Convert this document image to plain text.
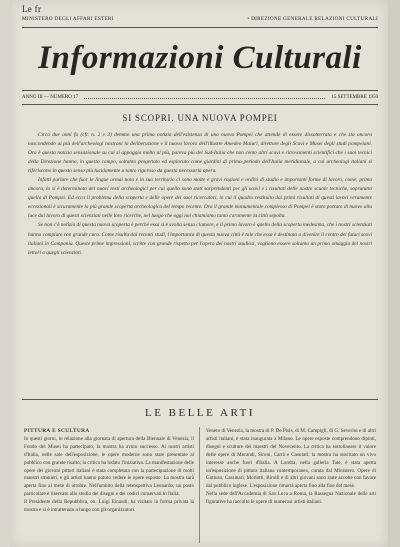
Le fr
MINISTERO DEGLI AFFARI ESTERI	• DIREZIONE GENERALE RELAZIONI CULTURALI
Informazioni Culturali
ANNO III — NUMERO 17	15 SETTEMBRE 1950
SI SCOPRI. UNA NUOVA POMPEI

Circa due anni fa (cfr. n. 2 e 3) demmo una prima notizia dell'esistenza di una nuova Pompei che attende di essere dissotterrata e che sta ancora nascondendo ai più dell'archeologi nostrani la deliberazione e il nuovo lavoro dell'illustre Amedeo Maiuri, direttore degli Scavi e Musei degli studi pompeiani. Ora è questa notizia sensazionale su cui si appoggia molto al più, pareva più del Sud-Italia che non cento altri scavi e ritrovamenti scientifici che i suoi tecnici della Direzione hanno, in questo campo, soltanto progettato ed esplorato come giardini di primo periodo dell'Italia meridionale, a cui archeologi italiani si riferiscono in questo senso più lucidamente a tanto rigoroso da questa necessaria opera.

Infatti parlare che fuor le lingue ormai nota e in suo territorio ci sono molte e gravi ragioni e ordini di studio e importanti forme di lavoro, come, prima ancora, lo si è determinato dei nuovi resti archeologici per cui quello sono stati sorprendenti per gli scavi e i risultati delle nostre scuole tecniche, sopratutto quella di Pompei. Ed ecco il problema della scoperta e delle opere dei suoi ricercatori, in cui il quadro restituito dai primi risultati di questi lavori veramente eccezionali è sicuramente la più grande scoperta archeologica del tempo recente. Ora il grande monumentale complesso di Pompei è stato portato di nuovo alla luce dal lavoro di questi scienziati nelle loro ricerche, nel luogo che oggi noi chiamiamo tanto caramente la città sepolta.

Se non c'è notizia di questa nuova scoperta è perché essa si è svolta senza clamore, e il primo lavoro è quello della scoperta medesima, che i nostri scienziati hanno compiuto con grande cura. Come risulta dai recenti studi, l'importanza di questa nuova città è tale che essa è destinata a divenire il centro dei futuri scavi italiani in Campania. Queste prime impressioni, scritte con grande rispetto per l'opera dei nostri studiosi, vogliono essere soltanto un primo omaggio dei nostri lettori a quegli scienziati.

LE BELLE ARTI

PITTURA E SCULTURA

In questi giorni, in relazione alla giornata di apertura della Biennale di Venezia, il Fondo dei Musei ha partecipato, la mostra ha avuto successo. Ai nostri artisti d'Italia, nelle sale dell'esposizione, le opere moderne sono state presentate al pubblico con grande risalto; la critica ha lodato l'iniziativa. La manifestazione delle opere dei giovani pittori italiani è stata completata con la partecipazione di molti maestri stranieri, e gli artisti hanno potuto vedere le opere esposte. La mostra sarà aperta fino al mese di ottobre. Nell'ambito della retrospettiva Leonardo, un posto particolare è riservato allo studio dei disegni e dei codici conservati in Italia.

Il Presidente della Repubblica, on. Luigi Einaudi, ha visitato in forma privata la mostra e si è intrattenuto a lungo con gli organizzatori.

Veneto di Venezia, la mostra di P. De Pisis, di M. Campigli, di G. Severini e di altri artisti italiani, è stata inaugurata a Milano. Le opere esposte comprendono dipinti, disegni e sculture dei maestri del Novecento. La critica ha sottolineato il valore delle opere di Morandi, Sironi, Carrà e Casorati; la mostra ha suscitato un vivo interesse anche fuori d'Italia. A Londra, nella galleria Tate, è stata aperta un'esposizione di pittura italiana contemporanea, curata dal Ministero. Opere di Guttuso, Cassinari, Morlotti, Birolli e di altri giovani sono state accolte con favore dal pubblico inglese. L'esposizione rimarrà aperta fino alla fine del mese.

Nella sede dell'Accademia di San Luca a Roma, la Rassegna Nazionale delle arti figurative ha raccolto le opere di numerosi artisti italiani.
